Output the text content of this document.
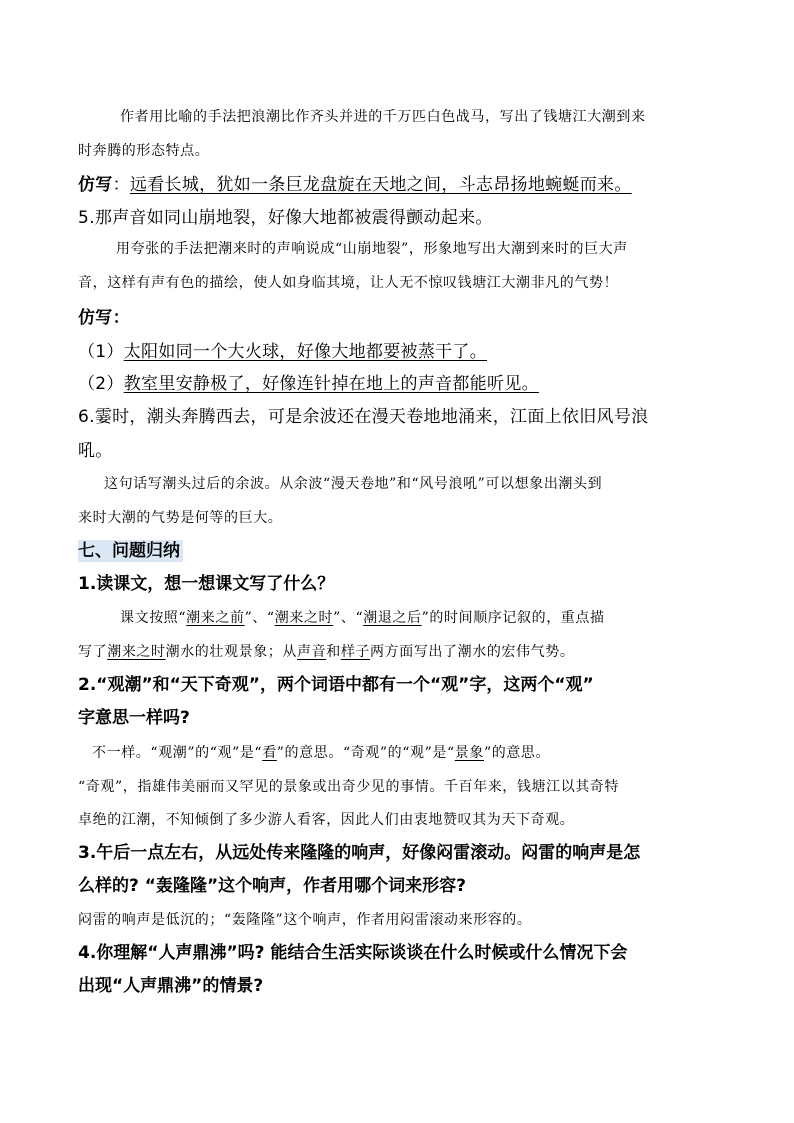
作者用比喻的手法把浪潮比作齐头并进的千万匹白色战马，写出了钱塘江大潮到来
时奔腾的形态特点。
仿写：远看长城，犹如一条巨龙盘旋在天地之间，斗志昂扬地蜿蜒而来。
5.那声音如同山崩地裂，好像大地都被震得颤动起来。
用夸张的手法把潮来时的声响说成“山崩地裂”，形象地写出大潮到来时的巨大声
音，这样有声有色的描绘，使人如身临其境，让人无不惊叹钱塘江大潮非凡的气势！
仿写：
（1）太阳如同一个大火球，好像大地都要被蒸干了。
（2）教室里安静极了，好像连针掉在地上的声音都能听见。
6.霎时，潮头奔腾西去，可是余波还在漫天卷地地涌来，江面上依旧风号浪
吼。
这句话写潮头过后的余波。从余波“漫天卷地”和“风号浪吼”可以想象出潮头到
来时大潮的气势是何等的巨大。
七、问题归纳
1.读课文，想一想课文写了什么？
课文按照“潮来之前”、“潮来之时”、“潮退之后”的时间顺序记叙的，重点描
写了潮来之时潮水的壮观景象；从声音和样子两方面写出了潮水的宏伟气势。
2.“观潮”和“天下奇观”，两个词语中都有一个“观”字，这两个“观”
字意思一样吗?
不一样。“观潮”的“观”是“看”的意思。“奇观”的“观”是“景象”的意思。
“奇观”，指雄伟美丽而又罕见的景象或出奇少见的事情。千百年来，钱塘江以其奇特
卓绝的江潮，不知倾倒了多少游人看客，因此人们由衷地赞叹其为天下奇观。
3.午后一点左右，从远处传来隆隆的响声，好像闷雷滚动。闷雷的响声是怎
么样的? “轰隆隆”这个响声，作者用哪个词来形容?
闷雷的响声是低沉的；“轰隆隆”这个响声，作者用闷雷滚动来形容的。
4.你理解“人声鼎沸”吗? 能结合生活实际谈谈在什么时候或什么情况下会
出现“人声鼎沸”的情景?
